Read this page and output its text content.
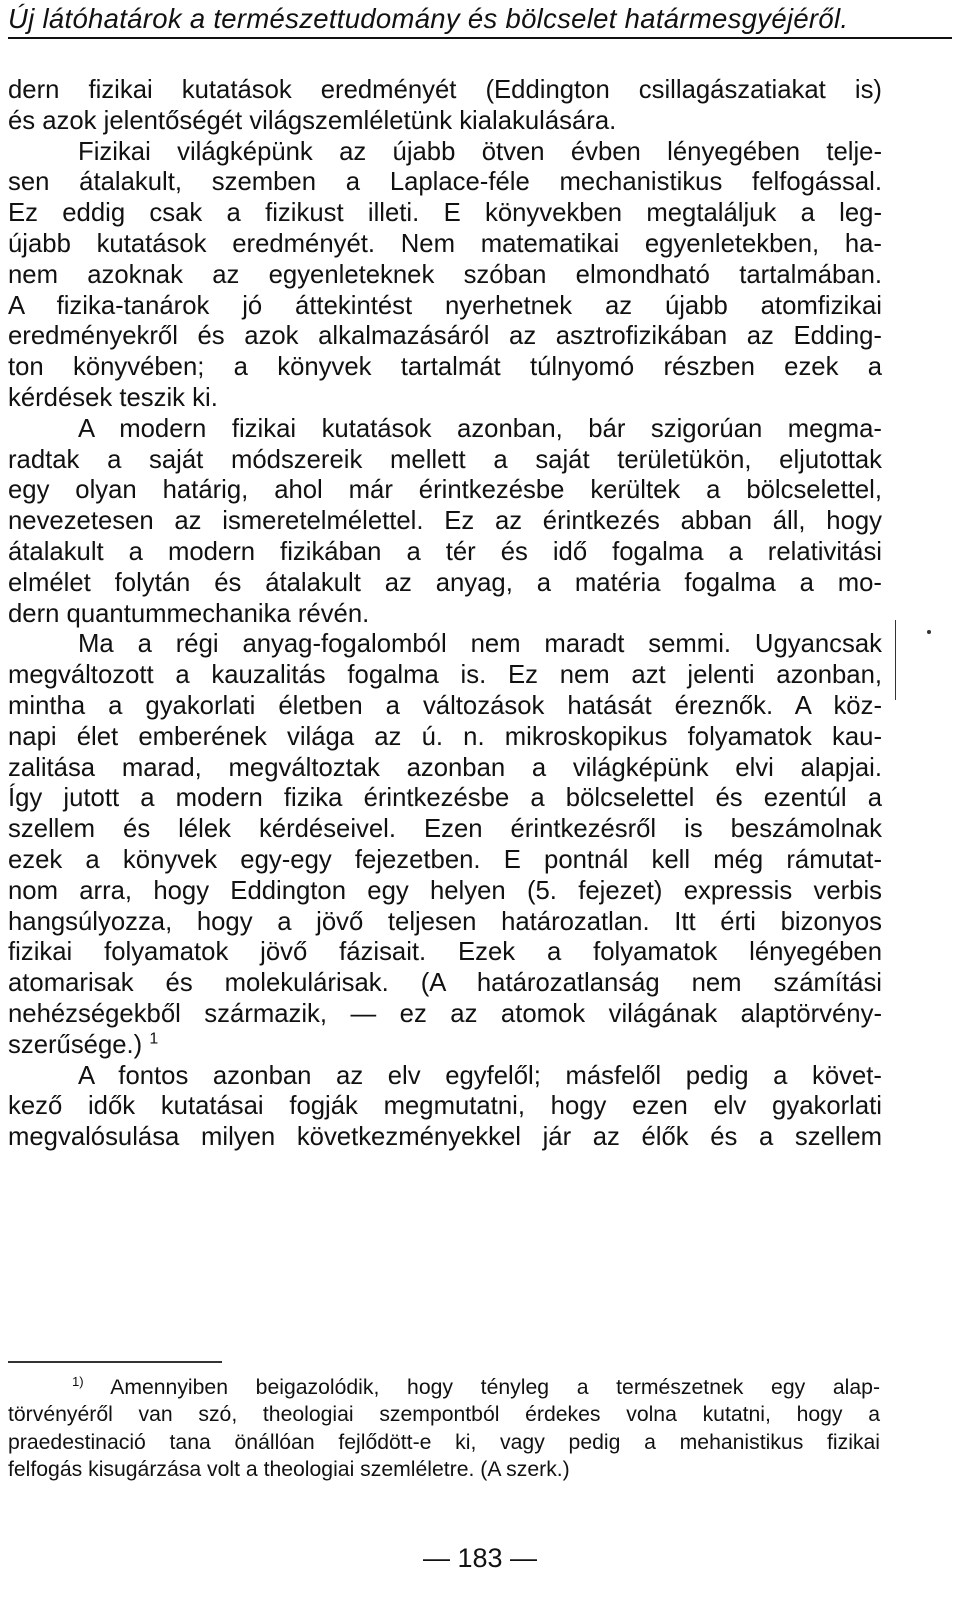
Új látóhatárok a természettudomány és bölcselet határmesgyéjéről.
dern fizikai kutatások eredményét (Eddington csillagászatiakat is)
és azok jelentőségét világszemléletünk kialakulására.
Fizikai világképünk az újabb ötven évben lényegében telje-
sen átalakult, szemben a Laplace-féle mechanistikus felfogással.
Ez eddig csak a fizikust illeti. E könyvekben megtaláljuk a leg-
újabb kutatások eredményét. Nem matematikai egyenletekben, ha-
nem azoknak az egyenleteknek szóban elmondható tartalmában.
A fizika-tanárok jó áttekintést nyerhetnek az újabb atomfizikai
eredményekről és azok alkalmazásáról az asztrofizikában az Edding-
ton könyvében; a könyvek tartalmát túlnyomó részben ezek a
kérdések teszik ki.
A modern fizikai kutatások azonban, bár szigorúan megma-
radtak a saját módszereik mellett a saját területükön, eljutottak
egy olyan határig, ahol már érintkezésbe kerültek a bölcselettel,
nevezetesen az ismeretelmélettel. Ez az érintkezés abban áll, hogy
átalakult a modern fizikában a tér és idő fogalma a relativitási
elmélet folytán és átalakult az anyag, a matéria fogalma a mo-
dern quantummechanika révén.
Ma a régi anyag-fogalomból nem maradt semmi. Ugyancsak
megváltozott a kauzalitás fogalma is. Ez nem azt jelenti azonban,
mintha a gyakorlati életben a változások hatását éreznők. A köz-
napi élet emberének világa az ú. n. mikroskopikus folyamatok kau-
zalitása marad, megváltoztak azonban a világképünk elvi alapjai.
Így jutott a modern fizika érintkezésbe a bölcselettel és ezentúl a
szellem és lélek kérdéseivel. Ezen érintkezésről is beszámolnak
ezek a könyvek egy-egy fejezetben. E pontnál kell még rámutat-
nom arra, hogy Eddington egy helyen (5. fejezet) expressis verbis
hangsúlyozza, hogy a jövő teljesen határozatlan. Itt érti bizonyos
fizikai folyamatok jövő fázisait. Ezek a folyamatok lényegében
atomarisak és molekulárisak. (A határozatlanság nem számítási
nehézségekből származik, — ez az atomok világának alaptörvény-
szerűsége.) $^1$
A fontos azonban az elv egyfelől; másfelől pedig a követ-
kező idők kutatásai fogják megmutatni, hogy ezen elv gyakorlati
megvalósulása milyen következményekkel jár az élők és a szellem
$^{1)}$ Amennyiben beigazolódik, hogy tényleg a természetnek egy alap-
törvényéről van szó, theologiai szempontból érdekes volna kutatni, hogy a
praedestinació tana önállóan fejlődött-e ki, vagy pedig a mehanistikus fizikai
felfogás kisugárzása volt a theologiai szemléletre. (A szerk.)
— 183 —
